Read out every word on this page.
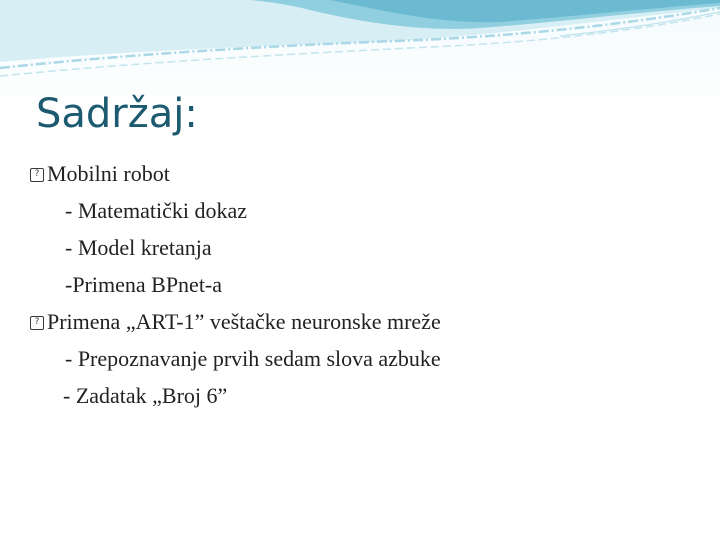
Sadržaj:
?Mobilni robot
- Matematički dokaz
- Model kretanja
-Primena BPnet-a
?Primena „ART-1” veštačke neuronske mreže
- Prepoznavanje prvih sedam slova azbuke
- Zadatak „Broj 6”
